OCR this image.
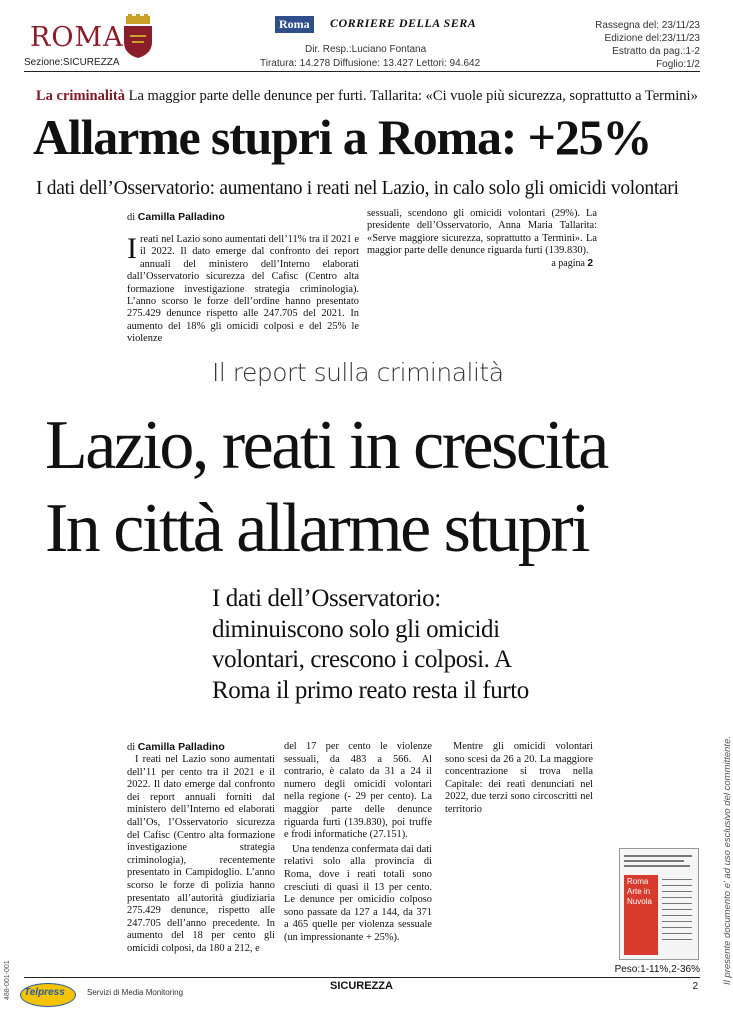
ROMA
Sezione:SICUREZZA
Roma	CORRIERE DELLA SERA
Dir. Resp.:Luciano Fontana
Tiratura: 14.278 Diffusione: 13.427 Lettori: 94.642
Rassegna del: 23/11/23
Edizione del:23/11/23
Estratto da pag.:1-2
Foglio:1/2
La criminalità La maggior parte delle denunce per furti. Tallarita: «Ci vuole più sicurezza, soprattutto a Termini»
Allarme stupri a Roma: +25%
I dati dell’Osservatorio: aumentano i reati nel Lazio, in calo solo gli omicidi volontari
di Camilla Palladino
Ireati nel Lazio sono aumentati dell’11% tra il 2021 e il 2022. Il dato emerge dal confronto dei report annuali del ministero dell’Interno elaborati dall’Osservatorio sicurezza del Cafisc (Centro alta formazione investigazione strategia criminologia). L’anno scorso le forze dell’ordine hanno presentato 275.429 denunce rispetto alle 247.705 del 2021. In aumento del 18% gli omicidi colposi e del 25% le violenze
sessuali, scendono gli omicidi volontari (29%). La presidente dell’Osservatorio, Anna Maria Tallarita: «Serve maggiore sicurezza, soprattutto a Termini». La maggior parte delle denunce riguarda furti (139.830).
a pagina 2
Il report sulla criminalità
Lazio, reati in crescita
In città allarme stupri
I dati dell’Osservatorio: diminuiscono solo gli omicidi volontari, crescono i colposi. A Roma il primo reato resta il furto
di Camilla Palladino
I reati nel Lazio sono aumentati dell’11 per cento tra il 2021 e il 2022. Il dato emerge dal confronto dei report annuali forniti dal ministero dell’Interno ed elaborati dall’Os, l’Osservatorio sicurezza del Cafisc (Centro alta formazione investigazione strategia criminologia), recentemente presentato in Campidoglio. L’anno scorso le forze di polizia hanno presentato all’autorità giudiziaria 275.429 denunce, rispetto alle 247.705 dell’anno precedente. In aumento del 18 per cento gli omicidi colposi, da 180 a 212, e
del 17 per cento le violenze sessuali, da 483 a 566. Al contrario, è calato da 31 a 24 il numero degli omicidi volontari nella regione (- 29 per cento). La maggior parte delle denunce riguarda furti (139.830), poi truffe e frodi informatiche (27.151).
Una tendenza confermata dai dati relativi solo alla provincia di Roma, dove i reati totali sono cresciuti di quasi il 13 per cento. Le denunce per omicidio colposo sono passate da 127 a 144, da 371 a 465 quelle per violenza sessuale (un impressionante + 25%).
Mentre gli omicidi volontari sono scesi da 26 a 20. La maggiore concentrazione si trova nella Capitale: dei reati denunciati nel 2022, due terzi sono circoscritti nel territorio
Roma Arte in Nuvola
Peso:1-11%,2-36% Il presente documento e' ad uso esclusivo del committente.
488-001-001 Telpress	Servizi di Media Monitoring
SICUREZZA	2
